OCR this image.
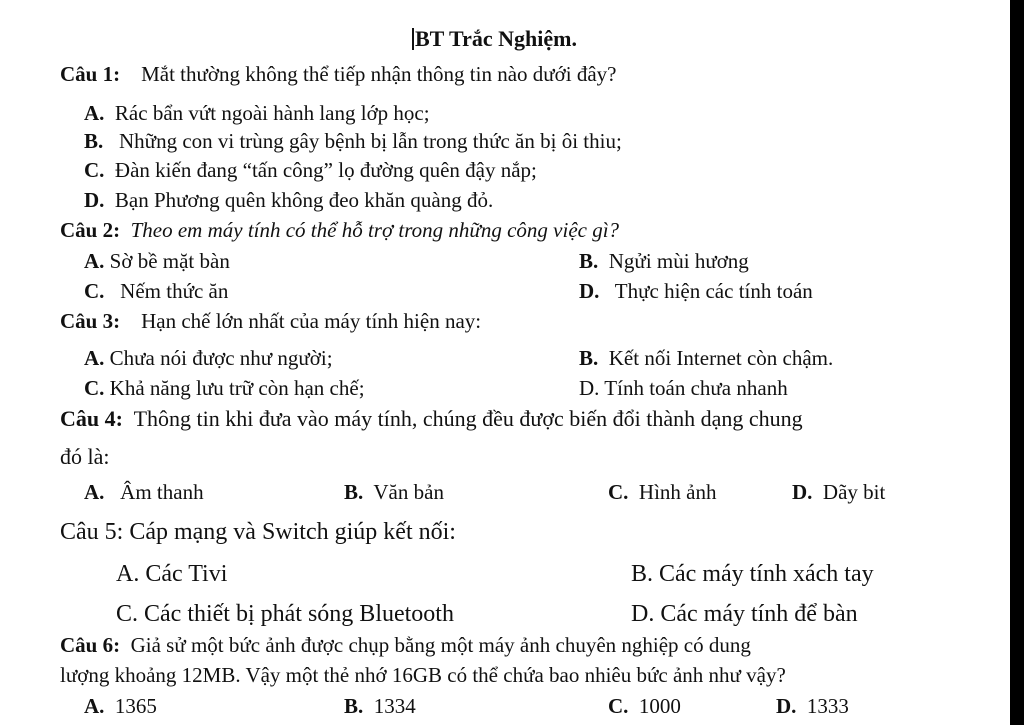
BT Trắc Nghiệm.
Câu 1: Mắt thường không thể tiếp nhận thông tin nào dưới đây?
A. Rác bẩn vứt ngoài hành lang lớp học;
B. Những con vi trùng gây bệnh bị lẫn trong thức ăn bị ôi thiu;
C. Đàn kiến đang “tấn công” lọ đường quên đậy nắp;
D. Bạn Phương quên không đeo khăn quàng đỏ.
Câu 2: Theo em máy tính có thể hỗ trợ trong những công việc gì?
A. Sờ bề mặt bàn	B. Ngửi mùi hương
C. Nếm thức ăn	D. Thực hiện các tính toán
Câu 3: Hạn chế lớn nhất của máy tính hiện nay:
A. Chưa nói được như người;	B. Kết nối Internet còn chậm.
C. Khả năng lưu trữ còn hạn chế;	D. Tính toán chưa nhanh
Câu 4: Thông tin khi đưa vào máy tính, chúng đều được biến đổi thành dạng chung
đó là:
A. Âm thanh	B. Văn bản	C. Hình ảnh	D. Dãy bit
Câu 5: Cáp mạng và Switch giúp kết nối:
A. Các Tivi	B. Các máy tính xách tay
C. Các thiết bị phát sóng Bluetooth	D. Các máy tính để bàn
Câu 6: Giả sử một bức ảnh được chụp bằng một máy ảnh chuyên nghiệp có dung
lượng khoảng 12MB. Vậy một thẻ nhớ 16GB có thể chứa bao nhiêu bức ảnh như vậy?
A. 1365	B. 1334	C. 1000	D. 1333
